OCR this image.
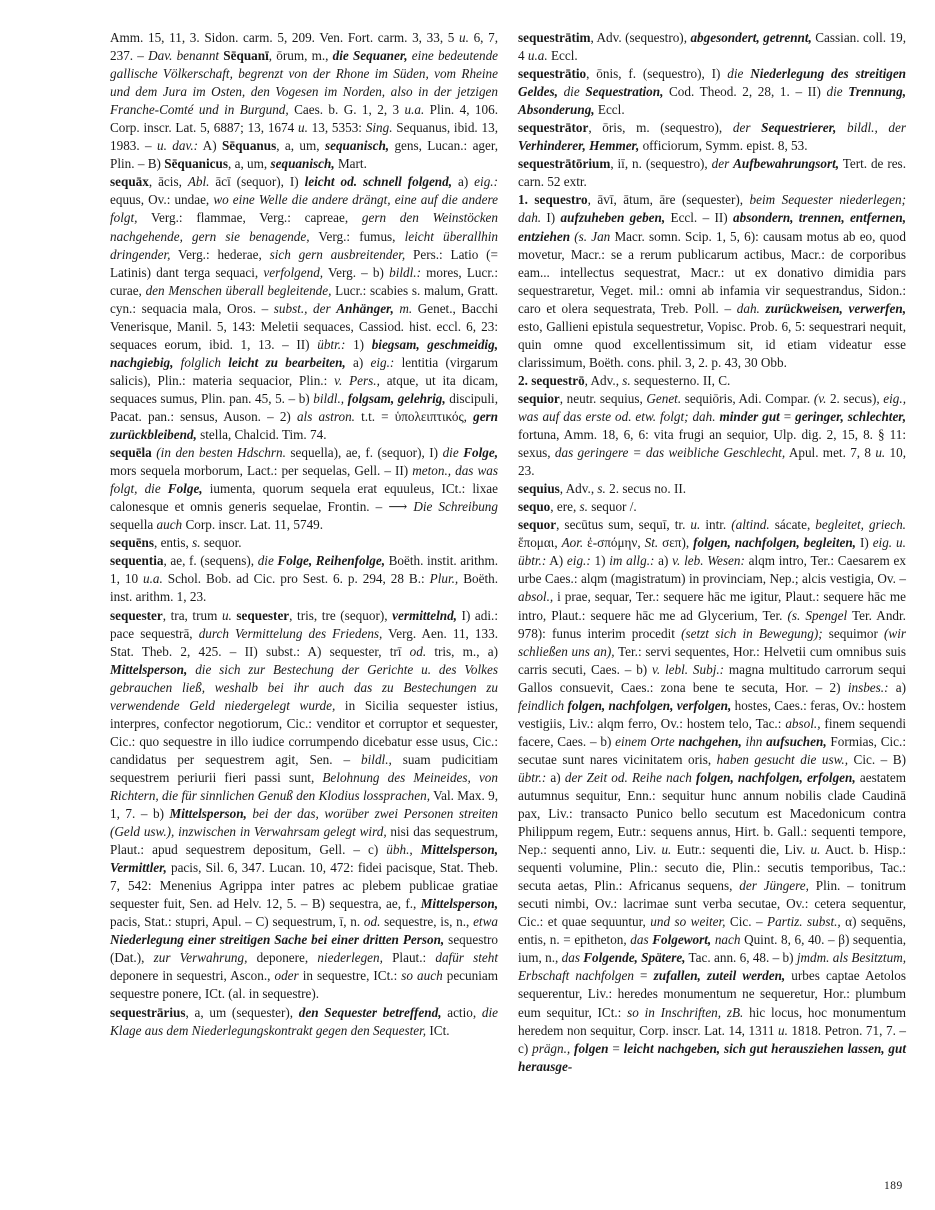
Amm. 15, 11, 3. Sidon. carm. 5, 209. Ven. Fort. carm. 3, 33, 5 u. 6, 7, 237. – Dav. benannt Sēquanī, ōrum, m., die Sequaner, eine bedeutende gallische Völkerschaft, begrenzt von der Rhone im Süden, vom Rheine und dem Jura im Osten, den Vogesen im Norden, also in der jetzigen Franche-Comté und in Burgund, Caes. b. G. 1, 2, 3 u.a. Plin. 4, 106. Corp. inscr. Lat. 5, 6887; 13, 1674 u. 13, 5353: Sing. Sequanus, ibid. 13, 1983. – u. dav.: A) Sēquanus, a, um, sequanisch, gens, Lucan.: ager, Plin. – B) Sēquanicus, a, um, sequanisch, Mart.

sequāx, ācis, Abl. ācī (sequor), I) leicht od. schnell folgend, a) eig.: equus, Ov.: undae, wo eine Welle die andere drängt, eine auf die andere folgt, Verg.: flammae, Verg.: capreae, gern den Weinstöcken nachgehende, gern sie benagende, Verg.: fumus, leicht überallhin dringender, Verg.: hederae, sich gern ausbreitender, Pers.: Latio (= Latinis) dant terga sequaci, verfolgend, Verg. – b) bildl.: mores, Lucr.: curae, den Menschen überall begleitende, Lucr.: scabies s. malum, Gratt. cyn.: sequacia mala, Oros. – subst., der Anhänger, m. Genet., Bacchi Venerisque, Manil. 5, 143: Meletii sequaces, Cassiod. hist. eccl. 6, 23: sequaces eorum, ibid. 1, 13. – II) übtr.: 1) biegsam, geschmeidig, nachgiebig, folglich leicht zu bearbeiten, a) eig.: lentitia (virgarum salicis), Plin.: materia sequacior, Plin.: v. Pers., atque, ut ita dicam, sequaces sumus, Plin. pan. 45, 5. – b) bildl., folgsam, gelehrig, discipuli, Pacat. pan.: sensus, Auson. – 2) als astron. t.t. = ὑπολειπτικός, gern zurückbleibend, stella, Chalcid. Tim. 74.

sequēla (in den besten Hdschrn. sequella), ae, f. (sequor), I) die Folge, mors sequela morborum, Lact.: per sequelas, Gell. – II) meton., das was folgt, die Folge, iumenta, quorum sequela erat equuleus, ICt.: lixae calonesque et omnis generis sequelae, Frontin. – ⟶ Die Schreibung sequella auch Corp. inscr. Lat. 11, 5749.

sequēns, entis, s. sequor.

sequentia, ae, f. (sequens), die Folge, Reihenfolge, Boëth. instit. arithm. 1, 10 u.a. Schol. Bob. ad Cic. pro Sest. 6. p. 294, 28 B.: Plur., Boëth. inst. arithm. 1, 23.

sequester, tra, trum u. sequester, tris, tre (sequor), vermittelnd, I) adi.: pace sequestrā, durch Vermittelung des Friedens, Verg. Aen. 11, 133. Stat. Theb. 2, 425. – II) subst.: A) sequester, trī od. tris, m., a) Mittelsperson, die sich zur Bestechung der Gerichte u. des Volkes gebrauchen ließ, weshalb bei ihr auch das zu Bestechungen zu verwendende Geld niedergelegt wurde, in Sicilia sequester istius, interpres, confector negotiorum, Cic.: venditor et corruptor et sequester, Cic.: quo sequestre in illo iudice corrumpendo dicebatur esse usus, Cic.: candidatus per sequestrem agit, Sen. – bildl., suam pudicitiam sequestrem periurii fieri passi sunt, Belohnung des Meineides, von Richtern, die für sinnlichen Genuß den Klodius lossprachen, Val. Max. 9, 1, 7. – b) Mittelsperson, bei der das, worüber zwei Personen streiten (Geld usw.), inzwischen in Verwahrsam gelegt wird, nisi das sequestrum, Plaut.: apud sequestrem depositum, Gell. – c) übh., Mittelsperson, Vermittler, pacis, Sil. 6, 347. Lucan. 10, 472: fidei pacisque, Stat. Theb. 7, 542: Menenius Agrippa inter patres ac plebem publicae gratiae sequester fuit, Sen. ad Helv. 12, 5. – B) sequestra, ae, f., Mittelsperson, pacis, Stat.: stupri, Apul. – C) sequestrum, ī, n. od. sequestre, is, n., etwa Niederlegung einer streitigen Sache bei einer dritten Person, sequestro (Dat.), zur Verwahrung, deponere, niederlegen, Plaut.: dafür steht deponere in sequestri, Ascon., oder in sequestre, ICt.: so auch pecuniam sequestre ponere, ICt. (al. in sequestre).

sequestrārius, a, um (sequester), den Sequester betreffend, actio, die Klage aus dem Niederlegungskontrakt gegen den Sequester, ICt.

sequestrātim, Adv. (sequestro), abgesondert, getrennt, Cassian. coll. 19, 4 u.a. Eccl.

sequestrātio, ōnis, f. (sequestro), I) die Niederlegung des streitigen Geldes, die Sequestration, Cod. Theod. 2, 28, 1. – II) die Trennung, Absonderung, Eccl.

sequestrātor, ōris, m. (sequestro), der Sequestrierer, bildl., der Verhinderer, Hemmer, officiorum, Symm. epist. 8, 53.

sequestrātōrium, iī, n. (sequestro), der Aufbewahrungsort, Tert. de res. carn. 52 extr.

1. sequestro, āvī, ātum, āre (sequester), beim Sequester niederlegen; dah. I) aufzuheben geben, Eccl. – II) absondern, trennen, entfernen, entziehen (s. Jan Macr. somn. Scip. 1, 5, 6): causam motus ab eo, quod movetur, Macr.: se a rerum publicarum actibus, Macr.: de corporibus eam... intellectus sequestrat, Macr.: ut ex donativo dimidia pars sequestraretur, Veget. mil.: omni ab infamia vir sequestrandus, Sidon.: caro et olera sequestrata, Treb. Poll. – dah. zurückweisen, verwerfen, esto, Gallieni epistula sequestretur, Vopisc. Prob. 6, 5: sequestrari nequit, quin omne quod excellentissimum sit, id etiam videatur esse clarissimum, Boëth. cons. phil. 3, 2. p. 43, 30 Obb.

2. sequestrō, Adv., s. sequesterno. II, C.

sequior, neutr. sequius, Genet. sequiōris, Adi. Compar. (v. 2. secus), eig., was auf das erste od. etw. folgt; dah. minder gut = geringer, schlechter, fortuna, Amm. 18, 6, 6: vita frugi an sequior, Ulp. dig. 2, 15, 8. § 11: sexus, das geringere = das weibliche Geschlecht, Apul. met. 7, 8 u. 10, 23.

sequius, Adv., s. 2. secus no. II.

sequo, ere, s. sequor /.

sequor, secūtus sum, sequī, tr. u. intr. (altind. sácate, begleitet, griech. ἕπομαι, Aor. ἐ-σπόμην, St. σεπ), folgen, nachfolgen, begleiten, I) eig. u. übtr.: A) eig.: 1) im allg.: a) v. leb. Wesen: alqm intro, Ter.: Caesarem ex urbe Caes.: alqm (magistratum) in provinciam, Nep.; alcis vestigia, Ov. – absol., i prae, sequar, Ter.: sequere hāc me igitur, Plaut.: sequere hāc me intro, Plaut.: sequere hāc me ad Glycerium, Ter. (s. Spengel Ter. Andr. 978): funus interim procedit (setzt sich in Bewegung); sequimor (wir schließen uns an), Ter.: servi sequentes, Hor.: Helvetii cum omnibus suis carris secuti, Caes. – b) v. lebl. Subj.: magna multitudo carrorum sequi Gallos consuevit, Caes.: zona bene te secuta, Hor. – 2) insbes.: a) feindlich folgen, nachfolgen, verfolgen, hostes, Caes.: feras, Ov.: hostem vestigiis, Liv.: alqm ferro, Ov.: hostem telo, Tac.: absol., finem sequendi facere, Caes. – b) einem Orte nachgehen, ihn aufsuchen, Formias, Cic.: secutae sunt nares vicinitatem oris, haben gesucht die usw., Cic. – B) übtr.: a) der Zeit od. Reihe nach folgen, nachfolgen, erfolgen, aestatem autumnus sequitur, Enn.: sequitur hunc annum nobilis clade Caudinā pax, Liv.: transacto Punico bello secutum est Macedonicum contra Philippum regem, Eutr.: sequens annus, Hirt. b. Gall.: sequenti tempore, Nep.: sequenti anno, Liv. u. Eutr.: sequenti die, Liv. u. Auct. b. Hisp.: sequenti volumine, Plin.: secuto die, Plin.: secutis temporibus, Tac.: secuta aetas, Plin.: Africanus sequens, der Jüngere, Plin. – tonitrum secuti nimbi, Ov.: lacrimae sunt verba secutae, Ov.: cetera sequentur, Cic.: et quae sequuntur, und so weiter, Cic. – Partiz. subst., α) sequēns, entis, n. = epitheton, das Folgewort, nach Quint. 8, 6, 40. – β) sequentia, ium, n., das Folgende, Spätere, Tac. ann. 6, 48. – b) jmdm. als Besitztum, Erbschaft nachfolgen = zufallen, zuteil werden, urbes captae Aetolos sequerentur, Liv.: heredes monumentum ne sequeretur, Hor.: plumbum eum sequitur, ICt.: so in Inschriften, zB. hic locus, hoc monumentum heredem non sequitur, Corp. inscr. Lat. 14, 1311 u. 1818. Petron. 71, 7. – c) prägn., folgen = leicht nachgeben, sich gut herausziehen lassen, gut herausge-

189
